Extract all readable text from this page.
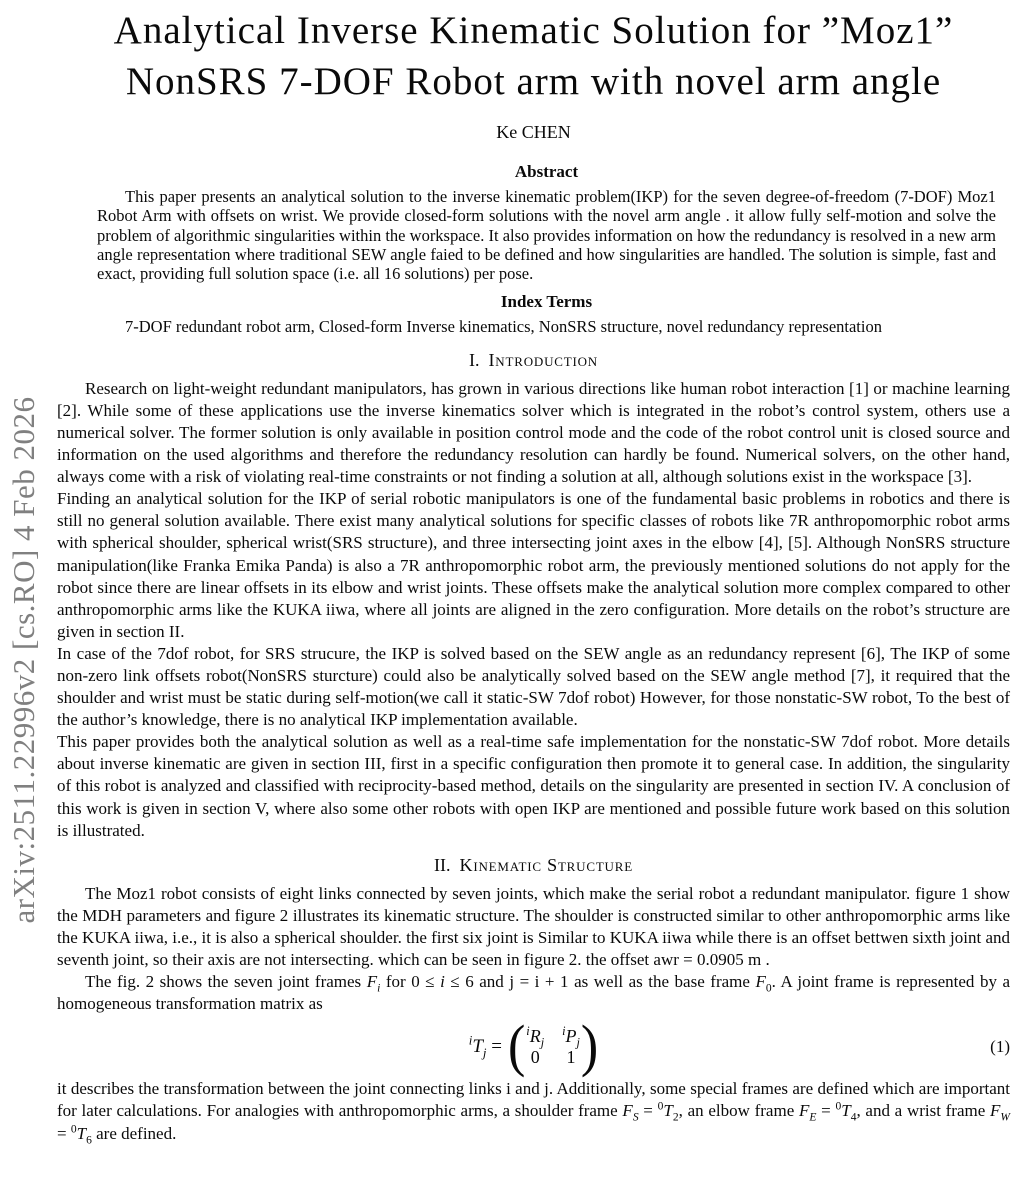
arXiv:2511.22996v2 [cs.RO] 4 Feb 2026
Analytical Inverse Kinematic Solution for ”Moz1”
NonSRS 7-DOF Robot arm with novel arm angle
Ke CHEN
Abstract

This paper presents an analytical solution to the inverse kinematic problem(IKP) for the seven degree-of-freedom (7-DOF) Moz1 Robot Arm with offsets on wrist. We provide closed-form solutions with the novel arm angle . it allow fully self-motion and solve the problem of algorithmic singularities within the workspace. It also provides information on how the redundancy is resolved in a new arm angle representation where traditional SEW angle faied to be defined and how singularities are handled. The solution is simple, fast and exact, providing full solution space (i.e. all 16 solutions) per pose.

Index Terms

7-DOF redundant robot arm, Closed-form Inverse kinematics, NonSRS structure, novel redundancy representation

I. Introduction

Research on light-weight redundant manipulators, has grown in various directions like human robot interaction [1] or machine learning [2]. While some of these applications use the inverse kinematics solver which is integrated in the robot’s control system, others use a numerical solver. The former solution is only available in position control mode and the code of the robot control unit is closed source and information on the used algorithms and therefore the redundancy resolution can hardly be found. Numerical solvers, on the other hand, always come with a risk of violating real-time constraints or not finding a solution at all, although solutions exist in the workspace [3].

Finding an analytical solution for the IKP of serial robotic manipulators is one of the fundamental basic problems in robotics and there is still no general solution available. There exist many analytical solutions for specific classes of robots like 7R anthropomorphic robot arms with spherical shoulder, spherical wrist(SRS structure), and three intersecting joint axes in the elbow [4], [5]. Although NonSRS structure manipulation(like Franka Emika Panda) is also a 7R anthropomorphic robot arm, the previously mentioned solutions do not apply for the robot since there are linear offsets in its elbow and wrist joints. These offsets make the analytical solution more complex compared to other anthropomorphic arms like the KUKA iiwa, where all joints are aligned in the zero configuration. More details on the robot’s structure are given in section II.

In case of the 7dof robot, for SRS strucure, the IKP is solved based on the SEW angle as an redundancy represent [6], The IKP of some non-zero link offsets robot(NonSRS sturcture) could also be analytically solved based on the SEW angle method [7], it required that the shoulder and wrist must be static during self-motion(we call it static-SW 7dof robot) However, for those nonstatic-SW robot, To the best of the author’s knowledge, there is no analytical IKP implementation available.

This paper provides both the analytical solution as well as a real-time safe implementation for the nonstatic-SW 7dof robot. More details about inverse kinematic are given in section III, first in a specific configuration then promote it to general case. In addition, the singularity of this robot is analyzed and classified with reciprocity-based method, details on the singularity are presented in section IV. A conclusion of this work is given in section V, where also some other robots with open IKP are mentioned and possible future work based on this solution is illustrated.

II. Kinematic Structure

The Moz1 robot consists of eight links connected by seven joints, which make the serial robot a redundant manipulator. figure 1 show the MDH parameters and figure 2 illustrates its kinematic structure. The shoulder is constructed similar to other anthropomorphic arms like the KUKA iiwa, i.e., it is also a spherical shoulder. the first six joint is Similar to KUKA iiwa while there is an offset bettwen sixth joint and seventh joint, so their axis are not intersecting. which can be seen in figure 2. the offset awr = 0.0905 m .

The fig. 2 shows the seven joint frames $F_i$ for 0 ≤ i ≤ 6 and j = i + 1 as well as the base frame $F_0$. A joint frame is represented by a homogeneous transformation matrix as

$^iT_j$ = ( $^iR_j$
$^iP_j$
0 1 )	(1)

it describes the transformation between the joint connecting links i and j. Additionally, some special frames are defined which are important for later calculations. For analogies with anthropomorphic arms, a shoulder frame $F_S = ^0T_2$, an elbow frame $F_E = ^0T_4$, and a wrist frame $F_W = ^0T_6$ are defined.
